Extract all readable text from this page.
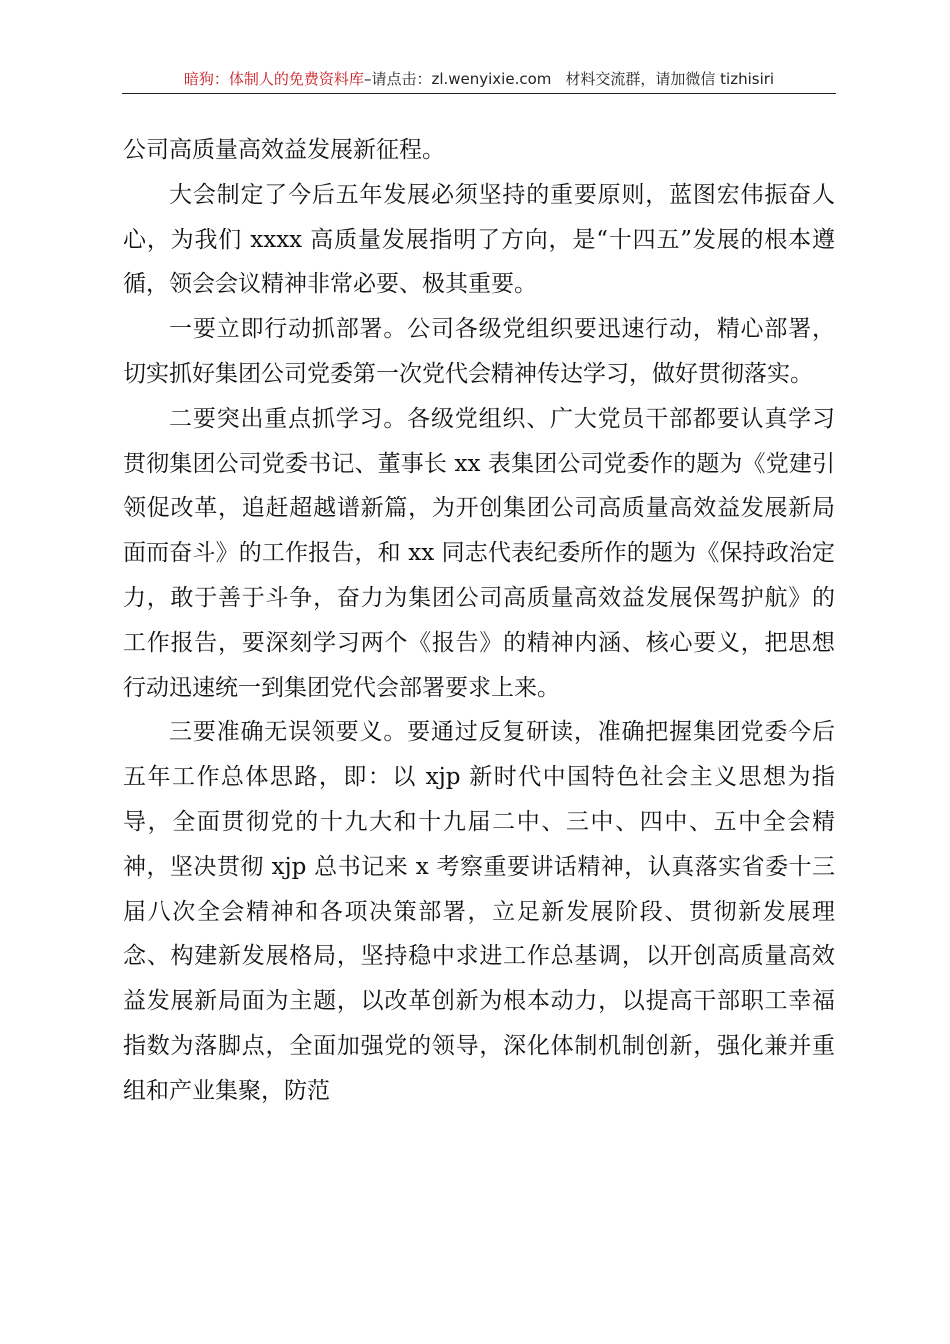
暗狗：体制人的免费资料库–请点击：zl.wenyixie.com 材料交流群，请加微信 tizhisiri

公司高质量高效益发展新征程。

大会制定了今后五年发展必须坚持的重要原则，蓝图宏伟振奋人心，为我们 xxxx 高质量发展指明了方向，是“十四五”发展的根本遵循，领会会议精神非常必要、极其重要。

一要立即行动抓部署。公司各级党组织要迅速行动，精心部署，切实抓好集团公司党委第一次党代会精神传达学习，做好贯彻落实。

二要突出重点抓学习。各级党组织、广大党员干部都要认真学习贯彻集团公司党委书记、董事长 xx 表集团公司党委作的题为《党建引领促改革，追赶超越谱新篇，为开创集团公司高质量高效益发展新局面而奋斗》的工作报告，和 xx 同志代表纪委所作的题为《保持政治定力，敢于善于斗争，奋力为集团公司高质量高效益发展保驾护航》的工作报告，要深刻学习两个《报告》的精神内涵、核心要义，把思想行动迅速统一到集团党代会部署要求上来。

三要准确无误领要义。要通过反复研读，准确把握集团党委今后五年工作总体思路，即：以 xjp 新时代中国特色社会主义思想为指导，全面贯彻党的十九大和十九届二中、三中、四中、五中全会精神，坚决贯彻 xjp 总书记来 x 考察重要讲话精神，认真落实省委十三届八次全会精神和各项决策部署，立足新发展阶段、贯彻新发展理念、构建新发展格局，坚持稳中求进工作总基调，以开创高质量高效益发展新局面为主题，以改革创新为根本动力，以提高干部职工幸福指数为落脚点，全面加强党的领导，深化体制机制创新，强化兼并重组和产业集聚，防范
